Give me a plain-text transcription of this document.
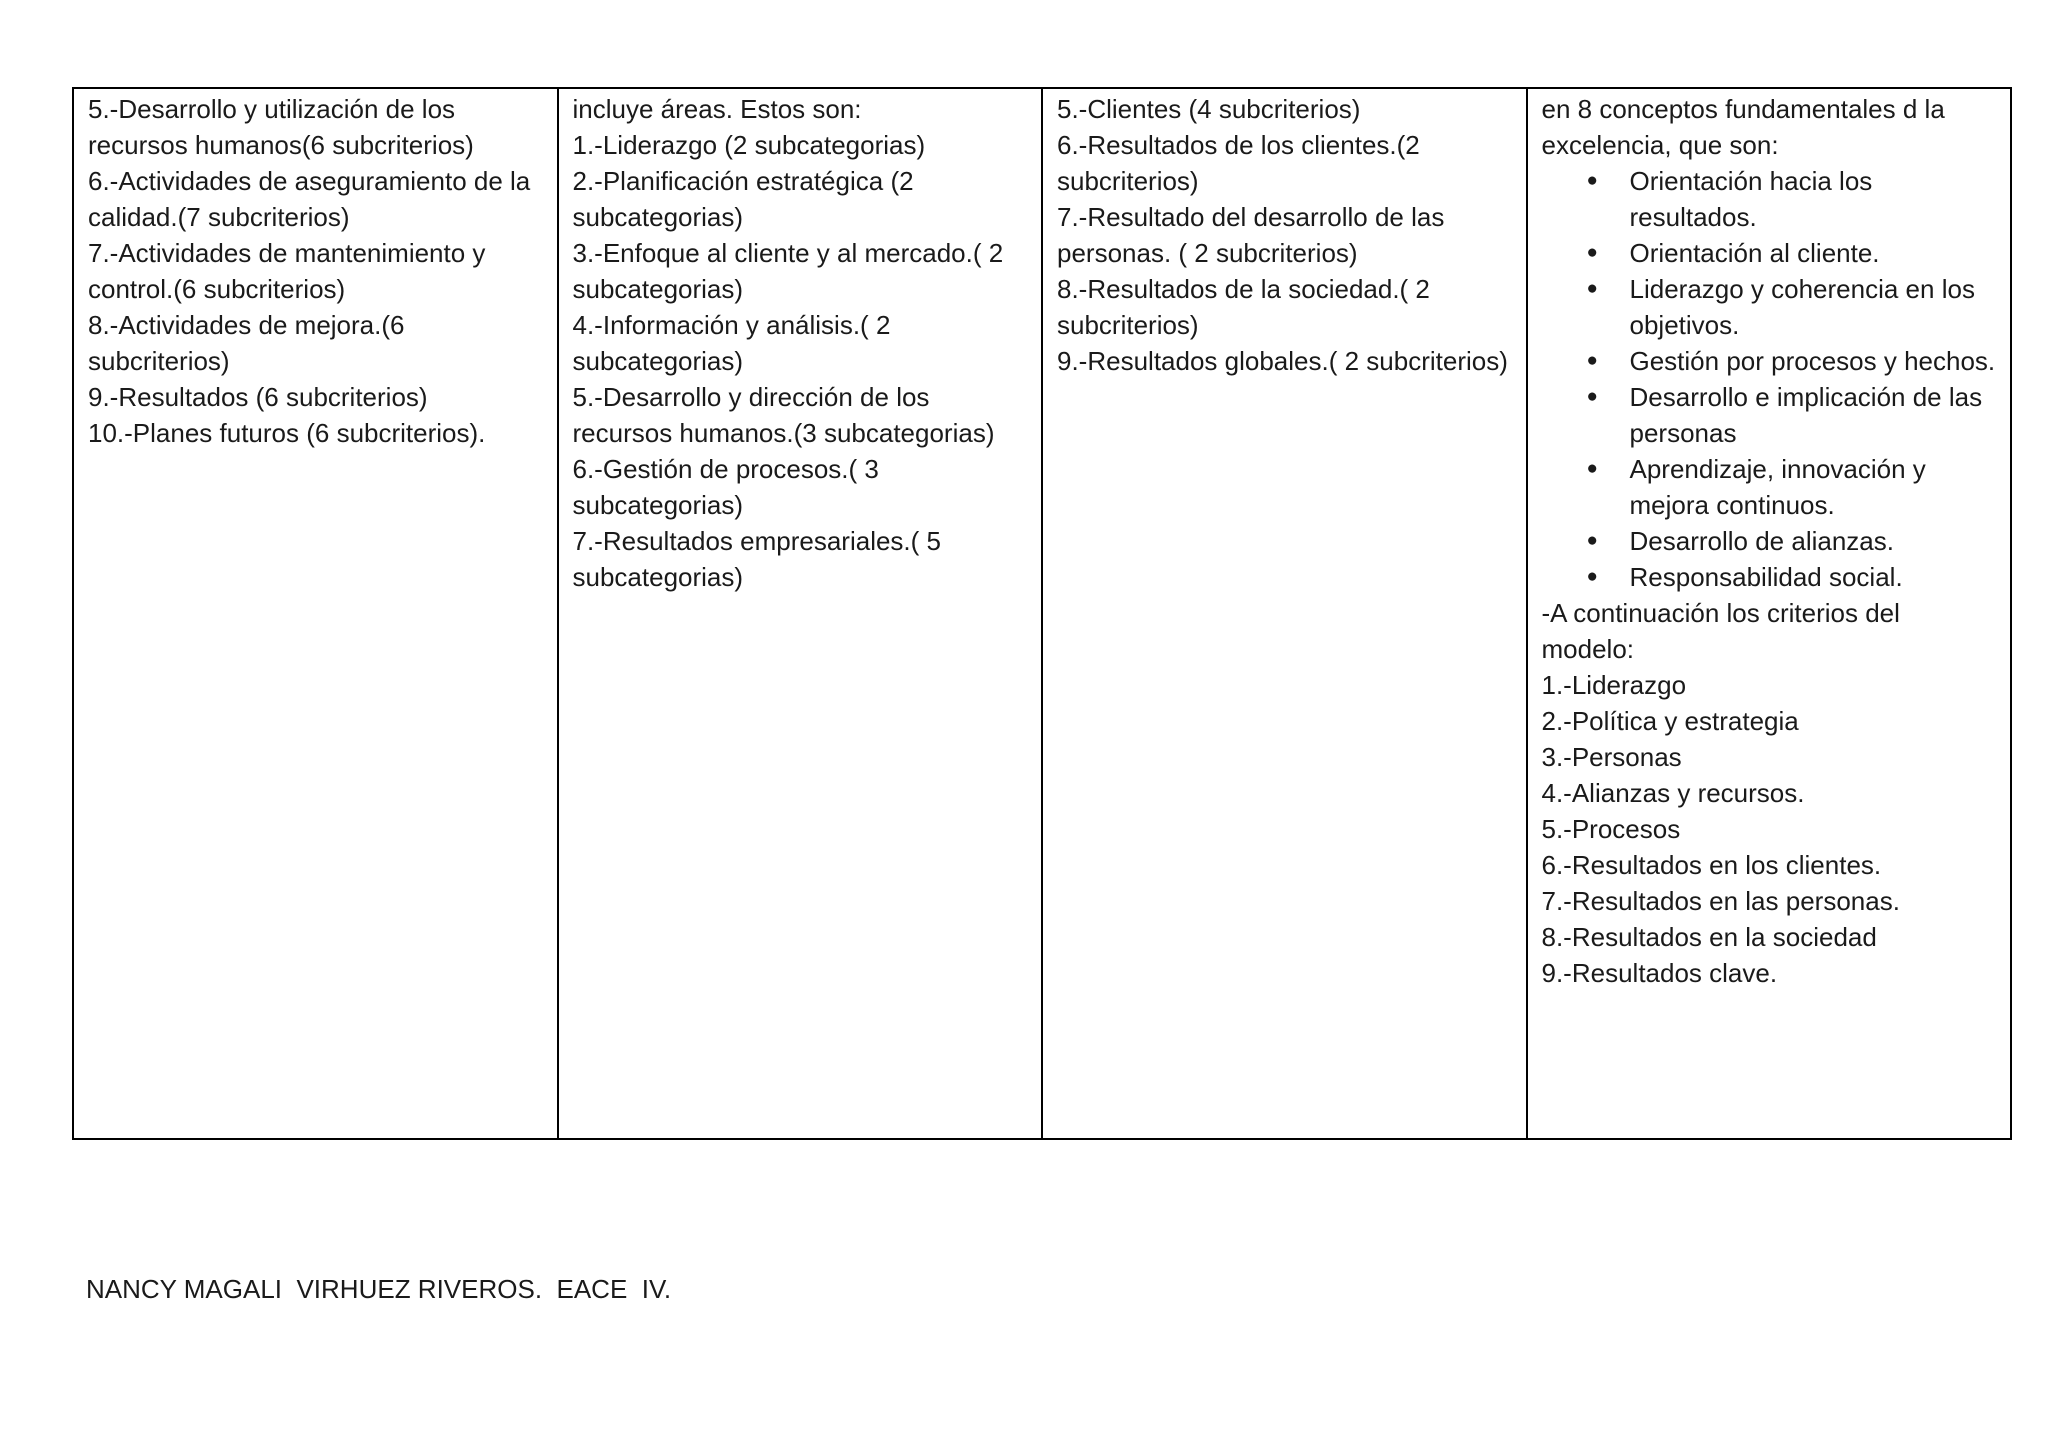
5.-Desarrollo y utilización de los recursos humanos(6 subcriterios)
6.-Actividades de aseguramiento de la calidad.(7 subcriterios)
7.-Actividades de mantenimiento y control.(6 subcriterios)
8.-Actividades de mejora.(6 subcriterios)
9.-Resultados (6 subcriterios)
10.-Planes futuros (6 subcriterios).

incluye áreas. Estos son:
1.-Liderazgo (2 subcategorias)
2.-Planificación estratégica (2 subcategorias)
3.-Enfoque al cliente y al mercado.( 2 subcategorias)
4.-Información y análisis.( 2 subcategorias)
5.-Desarrollo y dirección de los recursos humanos.(3 subcategorias)
6.-Gestión de procesos.( 3 subcategorias)
7.-Resultados empresariales.( 5 subcategorias)

5.-Clientes (4 subcriterios)
6.-Resultados de los clientes.(2 subcriterios)
7.-Resultado del desarrollo de las personas. ( 2 subcriterios)
8.-Resultados de la sociedad.( 2 subcriterios)
9.-Resultados globales.( 2 subcriterios)

en 8 conceptos fundamentales d la excelencia, que son:
● Orientación hacia los resultados.
● Orientación al cliente.
● Liderazgo y coherencia en los objetivos.
● Gestión por procesos y hechos.
● Desarrollo e implicación de las personas
● Aprendizaje, innovación y mejora continuos.
● Desarrollo de alianzas.
● Responsabilidad social.
-A continuación los criterios del modelo:
1.-Liderazgo
2.-Política y estrategia
3.-Personas
4.-Alianzas y recursos.
5.-Procesos
6.-Resultados en los clientes.
7.-Resultados en las personas.
8.-Resultados en la sociedad
9.-Resultados clave.
NANCY MAGALI  VIRHUEZ RIVEROS.  EACE  IV.
